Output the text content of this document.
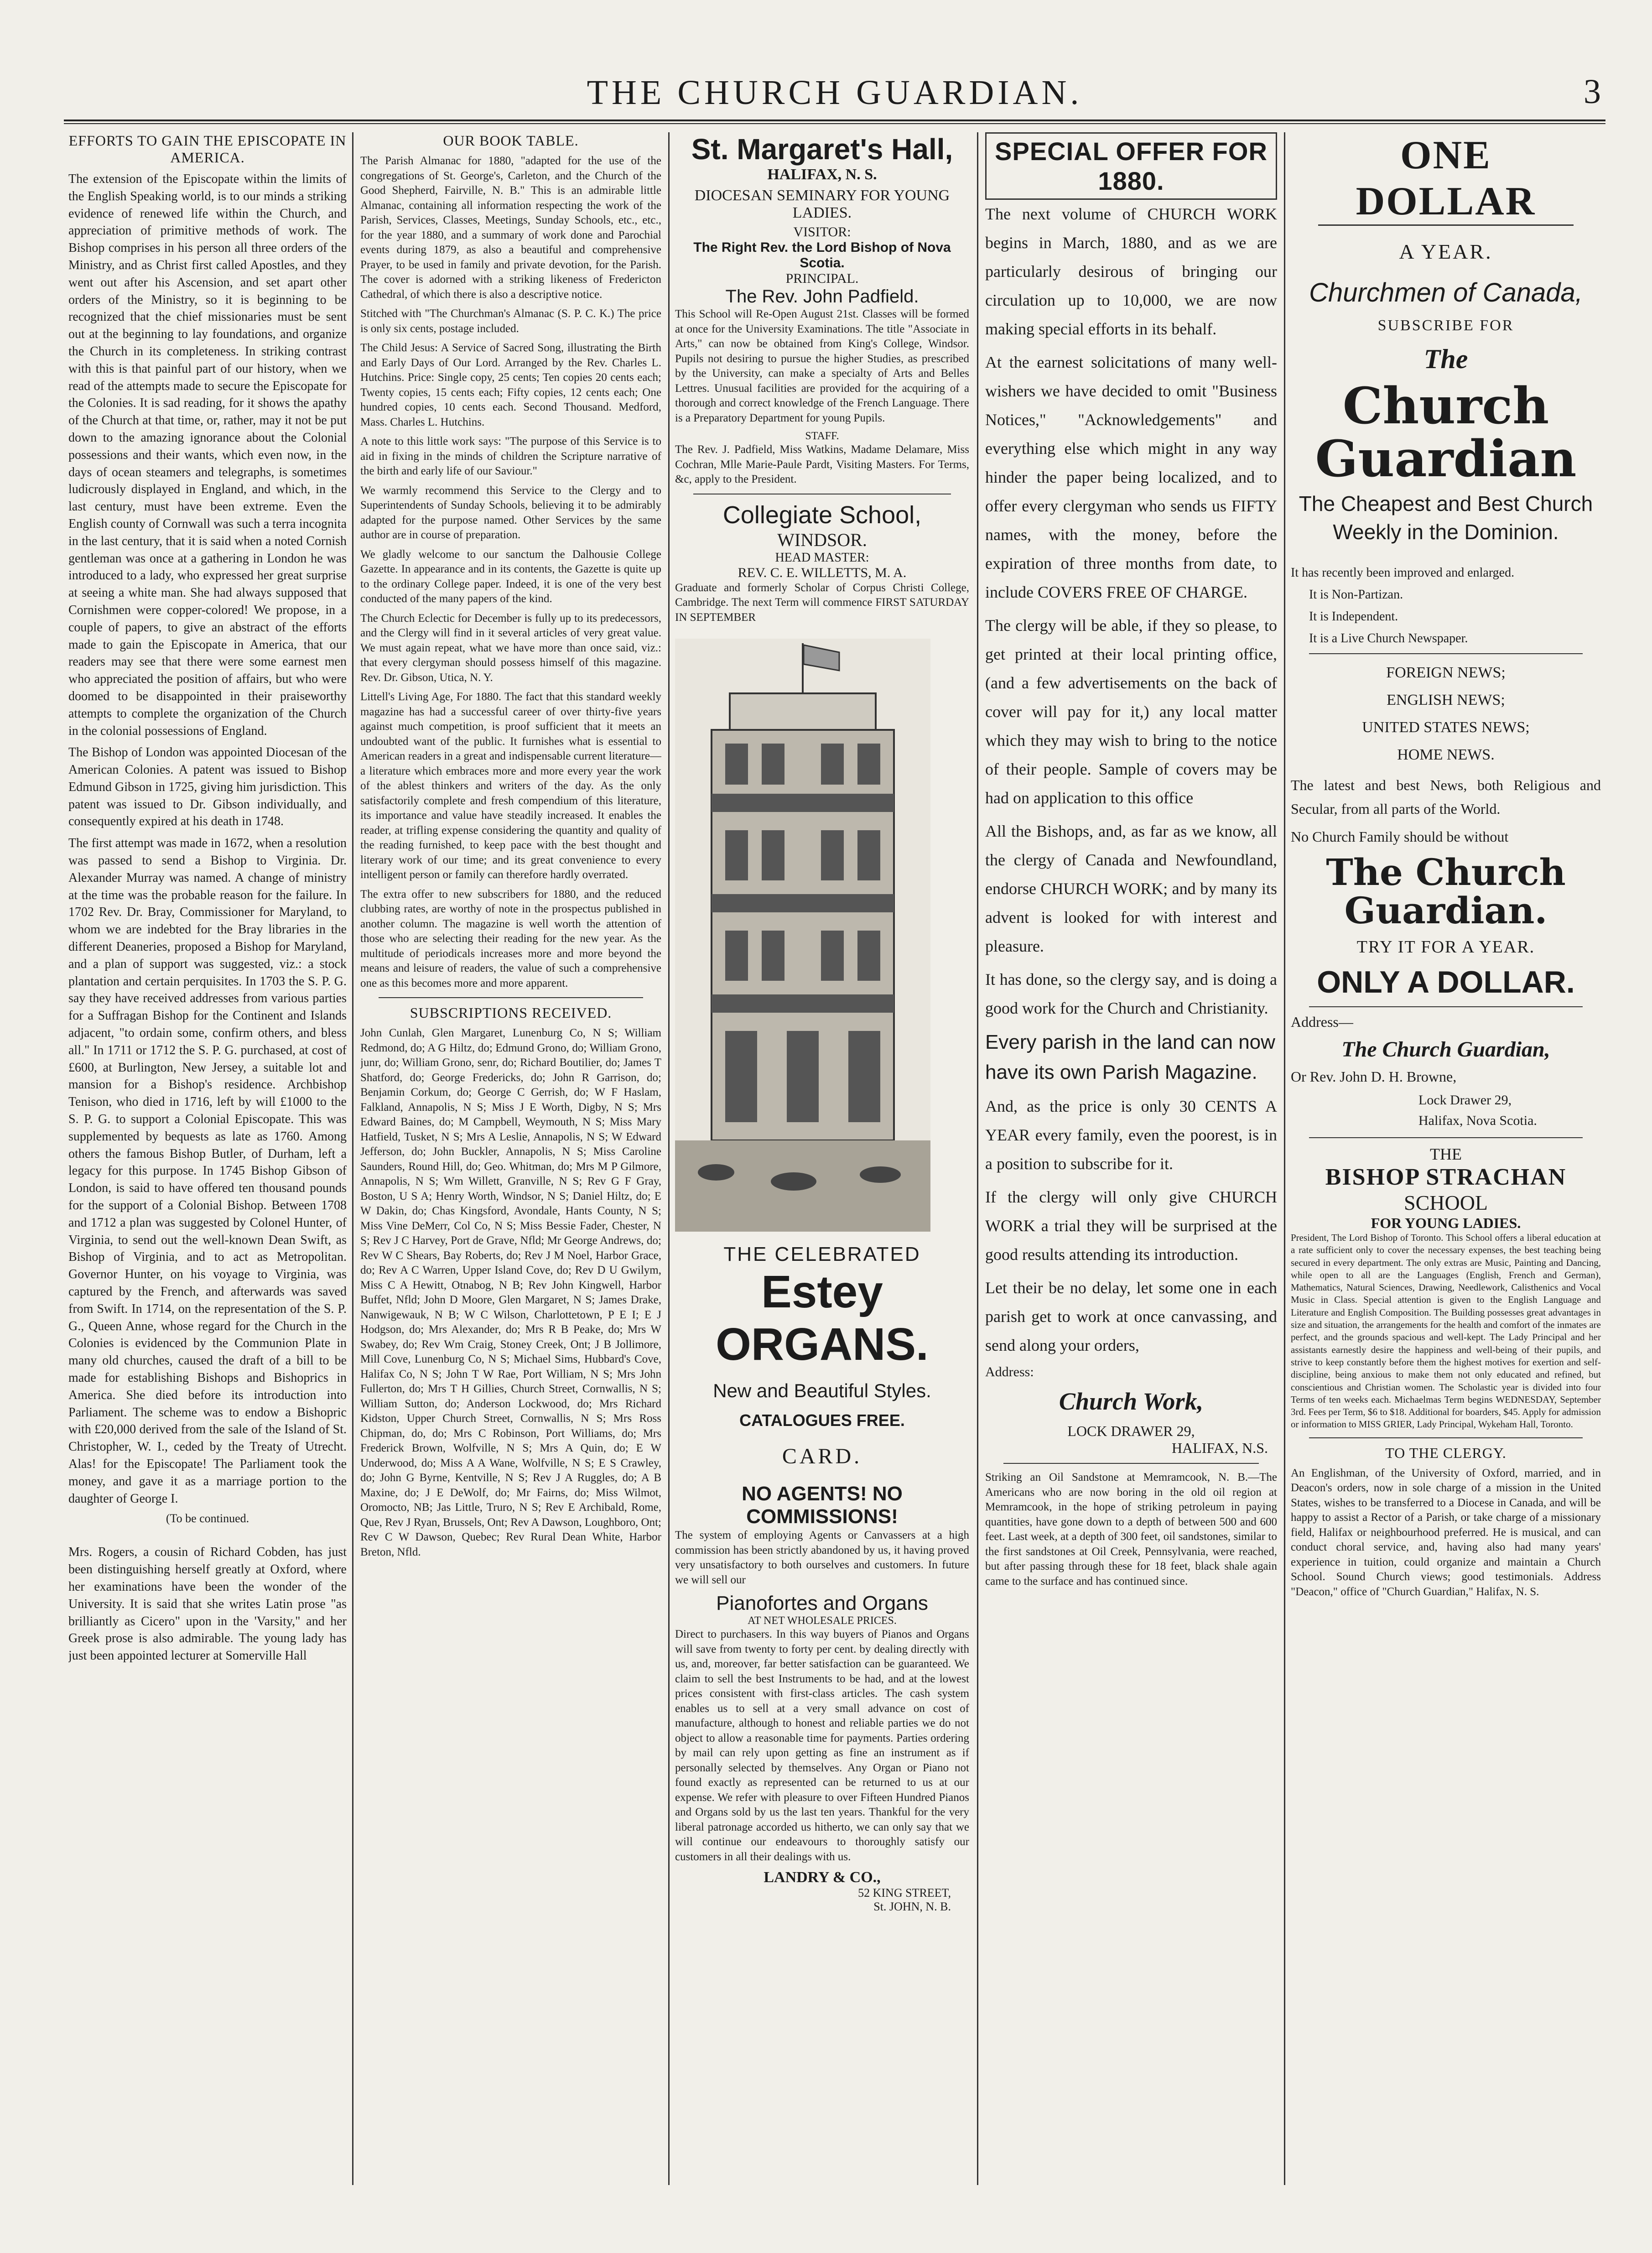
THE CHURCH GUARDIAN.	3
EFFORTS TO GAIN THE EPISCOPATE IN AMERICA.

The extension of the Episcopate within the limits of the English Speaking world, is to our minds a striking evidence of renewed life within the Church, and appreciation of primitive methods of work. The Bishop comprises in his person all three orders of the Ministry, and as Christ first called Apostles, and they went out after his Ascension, and set apart other orders of the Ministry, so it is beginning to be recognized that the chief missionaries must be sent out at the beginning to lay foundations, and organize the Church in its completeness. In striking contrast with this is that painful part of our history, when we read of the attempts made to secure the Episcopate for the Colonies. It is sad reading, for it shows the apathy of the Church at that time, or, rather, may it not be put down to the amazing ignorance about the Colonial possessions and their wants, which even now, in the days of ocean steamers and telegraphs, is sometimes ludicrously displayed in England, and which, in the last century, must have been extreme. Even the English county of Cornwall was such a terra incognita in the last century, that it is said when a noted Cornish gentleman was once at a gathering in London he was introduced to a lady, who expressed her great surprise at seeing a white man. She had always supposed that Cornishmen were copper-colored! We propose, in a couple of papers, to give an abstract of the efforts made to gain the Episcopate in America, that our readers may see that there were some earnest men who appreciated the position of affairs, but who were doomed to be disappointed in their praiseworthy attempts to complete the organization of the Church in the colonial possessions of England.

The Bishop of London was appointed Diocesan of the American Colonies. A patent was issued to Bishop Edmund Gibson in 1725, giving him jurisdiction. This patent was issued to Dr. Gibson individually, and consequently expired at his death in 1748.

The first attempt was made in 1672, when a resolution was passed to send a Bishop to Virginia. Dr. Alexander Murray was named. A change of ministry at the time was the probable reason for the failure. In 1702 Rev. Dr. Bray, Commissioner for Maryland, to whom we are indebted for the Bray libraries in the different Deaneries, proposed a Bishop for Maryland, and a plan of support was suggested, viz.: a stock plantation and certain perquisites. In 1703 the S. P. G. say they have received addresses from various parties for a Suffragan Bishop for the Continent and Islands adjacent, "to ordain some, confirm others, and bless all." In 1711 or 1712 the S. P. G. purchased, at cost of £600, at Burlington, New Jersey, a suitable lot and mansion for a Bishop's residence. Archbishop Tenison, who died in 1716, left by will £1000 to the S. P. G. to support a Colonial Episcopate. This was supplemented by bequests as late as 1760. Among others the famous Bishop Butler, of Durham, left a legacy for this purpose. In 1745 Bishop Gibson of London, is said to have offered ten thousand pounds for the support of a Colonial Bishop. Between 1708 and 1712 a plan was suggested by Colonel Hunter, of Virginia, to send out the well-known Dean Swift, as Bishop of Virginia, and to act as Metropolitan. Governor Hunter, on his voyage to Virginia, was captured by the French, and afterwards was saved from Swift. In 1714, on the representation of the S. P. G., Queen Anne, whose regard for the Church in the Colonies is evidenced by the Communion Plate in many old churches, caused the draft of a bill to be made for establishing Bishops and Bishoprics in America. She died before its introduction into Parliament. The scheme was to endow a Bishopric with £20,000 derived from the sale of the Island of St. Christopher, W. I., ceded by the Treaty of Utrecht. Alas! for the Episcopate! The Parliament took the money, and gave it as a marriage portion to the daughter of George I.

(To be continued.

Mrs. Rogers, a cousin of Richard Cobden, has just been distinguishing herself greatly at Oxford, where her examinations have been the wonder of the University. It is said that she writes Latin prose "as brilliantly as Cicero" upon in the 'Varsity," and her Greek prose is also admirable. The young lady has just been appointed lecturer at Somerville Hall

OUR BOOK TABLE.

The Parish Almanac for 1880, "adapted for the use of the congregations of St. George's, Carleton, and the Church of the Good Shepherd, Fairville, N. B." This is an admirable little Almanac, containing all information respecting the work of the Parish, Services, Classes, Meetings, Sunday Schools, etc., etc., for the year 1880, and a summary of work done and Parochial events during 1879, as also a beautiful and comprehensive Prayer, to be used in family and private devotion, for the Parish. The cover is adorned with a striking likeness of Fredericton Cathedral, of which there is also a descriptive notice.

Stitched with "The Churchman's Almanac (S. P. C. K.) The price is only six cents, postage included.

The Child Jesus: A Service of Sacred Song, illustrating the Birth and Early Days of Our Lord. Arranged by the Rev. Charles L. Hutchins. Price: Single copy, 25 cents; Ten copies 20 cents each; Twenty copies, 15 cents each; Fifty copies, 12 cents each; One hundred copies, 10 cents each. Second Thousand. Medford, Mass. Charles L. Hutchins.

A note to this little work says: "The purpose of this Service is to aid in fixing in the minds of children the Scripture narrative of the birth and early life of our Saviour."

We warmly recommend this Service to the Clergy and to Superintendents of Sunday Schools, believing it to be admirably adapted for the purpose named. Other Services by the same author are in course of preparation.

We gladly welcome to our sanctum the Dalhousie College Gazette. In appearance and in its contents, the Gazette is quite up to the ordinary College paper. Indeed, it is one of the very best conducted of the many papers of the kind.

The Church Eclectic for December is fully up to its predecessors, and the Clergy will find in it several articles of very great value. We must again repeat, what we have more than once said, viz.: that every clergyman should possess himself of this magazine. Rev. Dr. Gibson, Utica, N. Y.

Littell's Living Age, For 1880. The fact that this standard weekly magazine has had a successful career of over thirty-five years against much competition, is proof sufficient that it meets an undoubted want of the public. It furnishes what is essential to American readers in a great and indispensable current literature—a literature which embraces more and more every year the work of the ablest thinkers and writers of the day. As the only satisfactorily complete and fresh compendium of this literature, its importance and value have steadily increased. It enables the reader, at trifling expense considering the quantity and quality of the reading furnished, to keep pace with the best thought and literary work of our time; and its great convenience to every intelligent person or family can therefore hardly overrated.

The extra offer to new subscribers for 1880, and the reduced clubbing rates, are worthy of note in the prospectus published in another column. The magazine is well worth the attention of those who are selecting their reading for the new year. As the multitude of periodicals increases more and more beyond the means and leisure of readers, the value of such a comprehensive one as this becomes more and more apparent.

SUBSCRIPTIONS RECEIVED.

John Cunlah, Glen Margaret, Lunenburg Co, N S; William Redmond, do; A G Hiltz, do; Edmund Grono, do; William Grono, junr, do; William Grono, senr, do; Richard Boutilier, do; James T Shatford, do; George Fredericks, do; John R Garrison, do; Benjamin Corkum, do; George C Gerrish, do; W F Haslam, Falkland, Annapolis, N S; Miss J E Worth, Digby, N S; Mrs Edward Baines, do; M Campbell, Weymouth, N S; Miss Mary Hatfield, Tusket, N S; Mrs A Leslie, Annapolis, N S; W Edward Jefferson, do; John Buckler, Annapolis, N S; Miss Caroline Saunders, Round Hill, do; Geo. Whitman, do; Mrs M P Gilmore, Annapolis, N S; Wm Willett, Granville, N S; Rev G F Gray, Boston, U S A; Henry Worth, Windsor, N S; Daniel Hiltz, do; E W Dakin, do; Chas Kingsford, Avondale, Hants County, N S; Miss Vine DeMerr, Col Co, N S; Miss Bessie Fader, Chester, N S; Rev J C Harvey, Port de Grave, Nfld; Mr George Andrews, do; Rev W C Shears, Bay Roberts, do; Rev J M Noel, Harbor Grace, do; Rev A C Warren, Upper Island Cove, do; Rev D U Gwilym, Miss C A Hewitt, Otnabog, N B; Rev John Kingwell, Harbor Buffet, Nfld; John D Moore, Glen Margaret, N S; James Drake, Nanwigewauk, N B; W C Wilson, Charlottetown, P E I; E J Hodgson, do; Mrs Alexander, do; Mrs R B Peake, do; Mrs W Swabey, do; Rev Wm Craig, Stoney Creek, Ont; J B Jollimore, Mill Cove, Lunenburg Co, N S; Michael Sims, Hubbard's Cove, Halifax Co, N S; John T W Rae, Port William, N S; Mrs John Fullerton, do; Mrs T H Gillies, Church Street, Cornwallis, N S; William Sutton, do; Anderson Lockwood, do; Mrs Richard Kidston, Upper Church Street, Cornwallis, N S; Mrs Ross Chipman, do, do; Mrs C Robinson, Port Williams, do; Mrs Frederick Brown, Wolfville, N S; Mrs A Quin, do; E W Underwood, do; Miss A A Wane, Wolfville, N S; E S Crawley, do; John G Byrne, Kentville, N S; Rev J A Ruggles, do; A B Maxine, do; J E DeWolf, do; Mr Fairns, do; Miss Wilmot, Oromocto, NB; Jas Little, Truro, N S; Rev E Archibald, Rome, Que, Rev J Ryan, Brussels, Ont; Rev A Dawson, Loughboro, Ont; Rev C W Dawson, Quebec; Rev Rural Dean White, Harbor Breton, Nfld.

St. Margaret's Hall,
HALIFAX, N. S.
DIOCESAN SEMINARY FOR YOUNG LADIES.
VISITOR:
The Right Rev. the Lord Bishop of Nova Scotia.
PRINCIPAL.
The Rev. John Padfield.

This School will Re-Open August 21st. Classes will be formed at once for the University Examinations. The title "Associate in Arts," can now be obtained from King's College, Windsor. Pupils not desiring to pursue the higher Studies, as prescribed by the University, can make a specialty of Arts and Belles Lettres. Unusual facilities are provided for the acquiring of a thorough and correct knowledge of the French Language. There is a Preparatory Department for young Pupils.

STAFF.

The Rev. J. Padfield, Miss Watkins, Madame Delamare, Miss Cochran, Mlle Marie-Paule Pardt, Visiting Masters. For Terms, &c, apply to the President.

Collegiate School,
WINDSOR.
HEAD MASTER:
REV. C. E. WILLETTS, M. A.

Graduate and formerly Scholar of Corpus Christi College, Cambridge. The next Term will commence FIRST SATURDAY IN SEPTEMBER

THE CELEBRATED
Estey ORGANS.
New and Beautiful Styles.
CATALOGUES FREE.
CARD.
NO AGENTS! NO COMMISSIONS!

The system of employing Agents or Canvassers at a high commission has been strictly abandoned by us, it having proved very unsatisfactory to both ourselves and customers. In future we will sell our

Pianofortes and Organs
AT NET WHOLESALE PRICES.

Direct to purchasers. In this way buyers of Pianos and Organs will save from twenty to forty per cent. by dealing directly with us, and, moreover, far better satisfaction can be guaranteed. We claim to sell the best Instruments to be had, and at the lowest prices consistent with first-class articles. The cash system enables us to sell at a very small advance on cost of manufacture, although to honest and reliable parties we do not object to allow a reasonable time for payments. Parties ordering by mail can rely upon getting as fine an instrument as if personally selected by themselves. Any Organ or Piano not found exactly as represented can be returned to us at our expense. We refer with pleasure to over Fifteen Hundred Pianos and Organs sold by us the last ten years. Thankful for the very liberal patronage accorded us hitherto, we can only say that we will continue our endeavours to thoroughly satisfy our customers in all their dealings with us.

LANDRY & CO.,
52 KING STREET,
St. JOHN, N. B.
SPECIAL OFFER FOR 1880.

The next volume of CHURCH WORK begins in March, 1880, and as we are particularly desirous of bringing our circulation up to 10,000, we are now making special efforts in its behalf.

At the earnest solicitations of many well-wishers we have decided to omit "Business Notices," "Acknowledgements" and everything else which might in any way hinder the paper being localized, and to offer every clergyman who sends us FIFTY names, with the money, before the expiration of three months from date, to include COVERS FREE OF CHARGE.

The clergy will be able, if they so please, to get printed at their local printing office, (and a few advertisements on the back of cover will pay for it,) any local matter which they may wish to bring to the notice of their people. Sample of covers may be had on application to this office

All the Bishops, and, as far as we know, all the clergy of Canada and Newfoundland, endorse CHURCH WORK; and by many its advent is looked for with interest and pleasure.

It has done, so the clergy say, and is doing a good work for the Church and Christianity.

Every parish in the land can now have its own Parish Magazine.

And, as the price is only 30 CENTS A YEAR every family, even the poorest, is in a position to subscribe for it.

If the clergy will only give CHURCH WORK a trial they will be surprised at the good results attending its introduction.

Let their be no delay, let some one in each parish get to work at once canvassing, and send along your orders,

Address:
Church Work,
LOCK DRAWER 29,
HALIFAX, N.S.

Striking an Oil Sandstone at Memramcook, N. B.—The Americans who are now boring in the old oil region at Memramcook, in the hope of striking petroleum in paying quantities, have gone down to a depth of between 500 and 600 feet. Last week, at a depth of 300 feet, oil sandstones, similar to the first sandstones at Oil Creek, Pennsylvania, were reached, but after passing through these for 18 feet, black shale again came to the surface and has continued since.

ONE DOLLAR
A YEAR.
Churchmen of Canada,
SUBSCRIBE FOR
The
Church Guardian
The Cheapest and Best Church Weekly in the Dominion.

It has recently been improved and enlarged.

It is Non-Partizan.

It is Independent.

It is a Live Church Newspaper.

FOREIGN NEWS;
ENGLISH NEWS;
UNITED STATES NEWS;
HOME NEWS.

The latest and best News, both Religious and Secular, from all parts of the World.

No Church Family should be without

The Church Guardian.
TRY IT FOR A YEAR.
ONLY A DOLLAR.
Address—
The Church Guardian,
Or Rev. John D. H. Browne,
Lock Drawer 29,
Halifax, Nova Scotia.
THE
BISHOP STRACHAN
SCHOOL
FOR YOUNG LADIES.

President, The Lord Bishop of Toronto. This School offers a liberal education at a rate sufficient only to cover the necessary expenses, the best teaching being secured in every department. The only extras are Music, Painting and Dancing, while open to all are the Languages (English, French and German), Mathematics, Natural Sciences, Drawing, Needlework, Calisthenics and Vocal Music in Class. Special attention is given to the English Language and Literature and English Composition. The Building possesses great advantages in size and situation, the arrangements for the health and comfort of the inmates are perfect, and the grounds spacious and well-kept. The Lady Principal and her assistants earnestly desire the happiness and well-being of their pupils, and strive to keep constantly before them the highest motives for exertion and self-discipline, being anxious to make them not only educated and refined, but conscientious and Christian women. The Scholastic year is divided into four Terms of ten weeks each. Michaelmas Term begins WEDNESDAY, September 3rd. Fees per Term, $6 to $18. Additional for boarders, $45. Apply for admission or information to MISS GRIER, Lady Principal, Wykeham Hall, Toronto.

TO THE CLERGY.

An Englishman, of the University of Oxford, married, and in Deacon's orders, now in sole charge of a mission in the United States, wishes to be transferred to a Diocese in Canada, and will be happy to assist a Rector of a Parish, or take charge of a missionary field, Halifax or neighbourhood preferred. He is musical, and can conduct choral service, and, having also had many years' experience in tuition, could organize and maintain a Church School. Sound Church views; good testimonials. Address "Deacon," office of "Church Guardian," Halifax, N. S.
